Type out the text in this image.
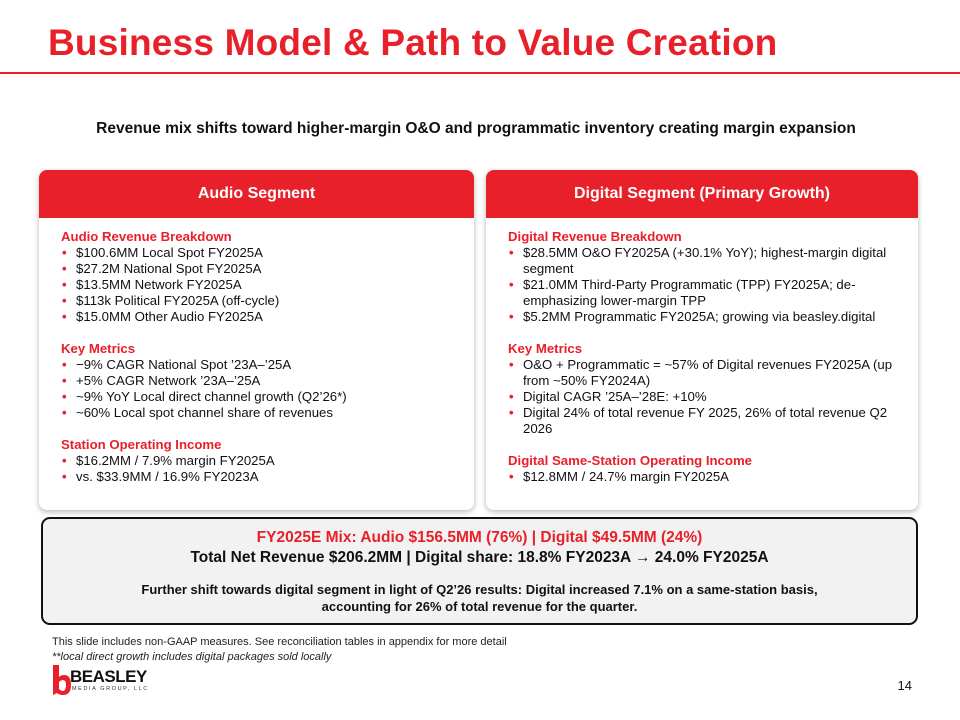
Business Model & Path to Value Creation
Revenue mix shifts toward higher-margin O&O and programmatic inventory creating margin expansion
Audio Segment
Audio Revenue Breakdown
• $100.6MM Local Spot FY2025A
• $27.2M National Spot FY2025A
• $13.5MM Network FY2025A
• $113k Political FY2025A (off-cycle)
• $15.0MM Other Audio FY2025A
Key Metrics
• −9% CAGR National Spot ’23A–’25A
• +5% CAGR Network ’23A–’25A
• ~9% YoY Local direct channel growth (Q2’26*)
• ~60% Local spot channel share of revenues
Station Operating Income
• $16.2MM / 7.9% margin FY2025A
• vs. $33.9MM / 16.9% FY2023A
Digital Segment (Primary Growth)
Digital Revenue Breakdown
• $28.5MM O&O FY2025A (+30.1% YoY); highest-margin digital segment
• $21.0MM Third-Party Programmatic (TPP) FY2025A; de-emphasizing lower-margin TPP
• $5.2MM Programmatic FY2025A; growing via beasley.digital
Key Metrics
• O&O + Programmatic = ~57% of Digital revenues FY2025A (up from ~50% FY2024A)
• Digital CAGR ’25A–’28E: +10%
• Digital 24% of total revenue FY 2025, 26% of total revenue Q2 2026
Digital Same-Station Operating Income
• $12.8MM / 24.7% margin FY2025A
FY2025E Mix: Audio $156.5MM (76%) | Digital $49.5MM (24%)
Total Net Revenue $206.2MM | Digital share: 18.8% FY2023A → 24.0% FY2025A
Further shift towards digital segment in light of Q2’26 results: Digital increased 7.1% on a same-station basis, accounting for 26% of total revenue for the quarter.
This slide includes non-GAAP measures. See reconciliation tables in appendix for more detail
**local direct growth includes digital packages sold locally
BEASLEY
MEDIA GROUP, LLC	14
